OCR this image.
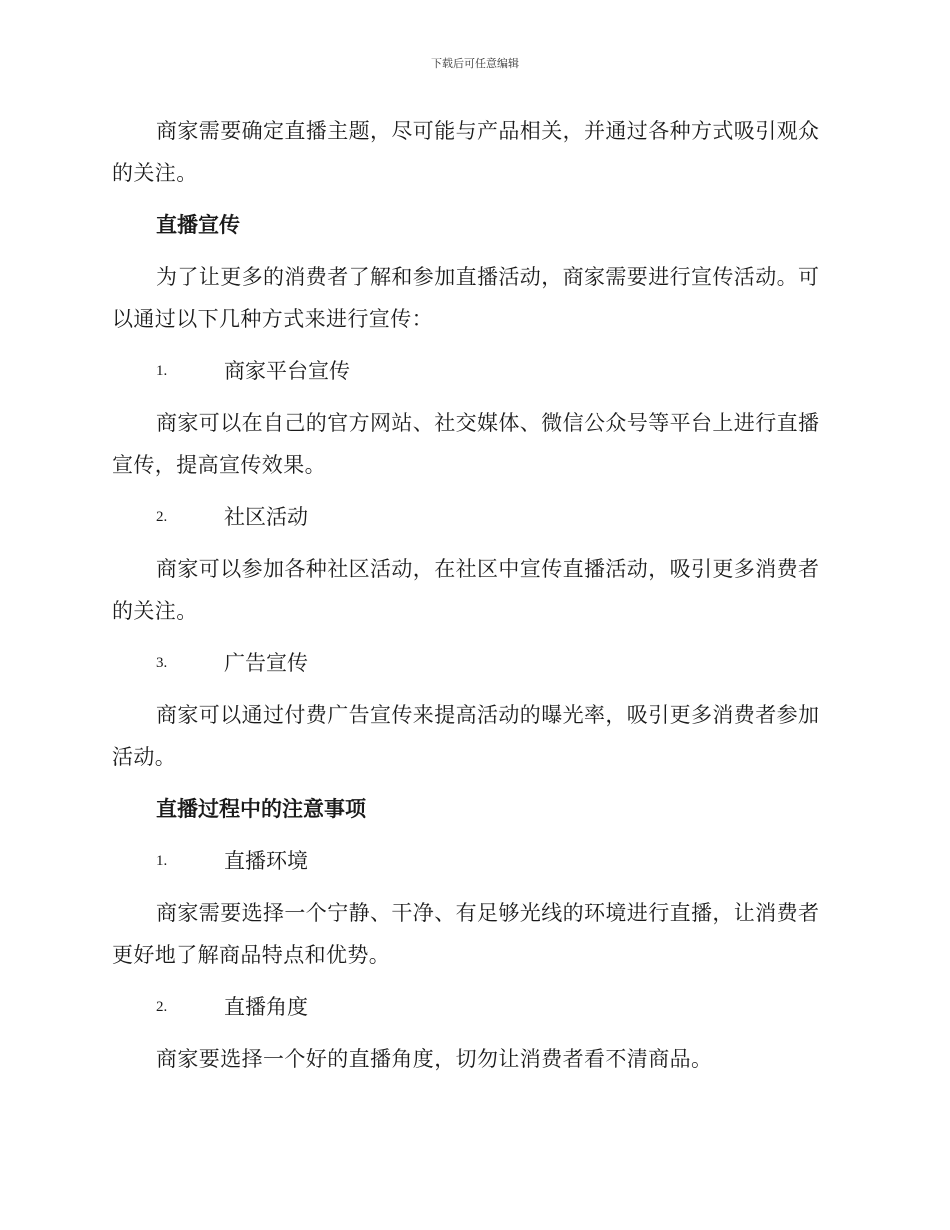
下载后可任意编辑

商家需要确定直播主题，尽可能与产品相关，并通过各种方式吸引观众的关注。

直播宣传

为了让更多的消费者了解和参加直播活动，商家需要进行宣传活动。可以通过以下几种方式来进行宣传：

1.	商家平台宣传

商家可以在自己的官方网站、社交媒体、微信公众号等平台上进行直播宣传，提高宣传效果。

2.	社区活动

商家可以参加各种社区活动，在社区中宣传直播活动，吸引更多消费者的关注。

3.	广告宣传

商家可以通过付费广告宣传来提高活动的曝光率，吸引更多消费者参加活动。

直播过程中的注意事项
1.	直播环境

商家需要选择一个宁静、干净、有足够光线的环境进行直播，让消费者更好地了解商品特点和优势。

2.	直播角度

商家要选择一个好的直播角度，切勿让消费者看不清商品。
